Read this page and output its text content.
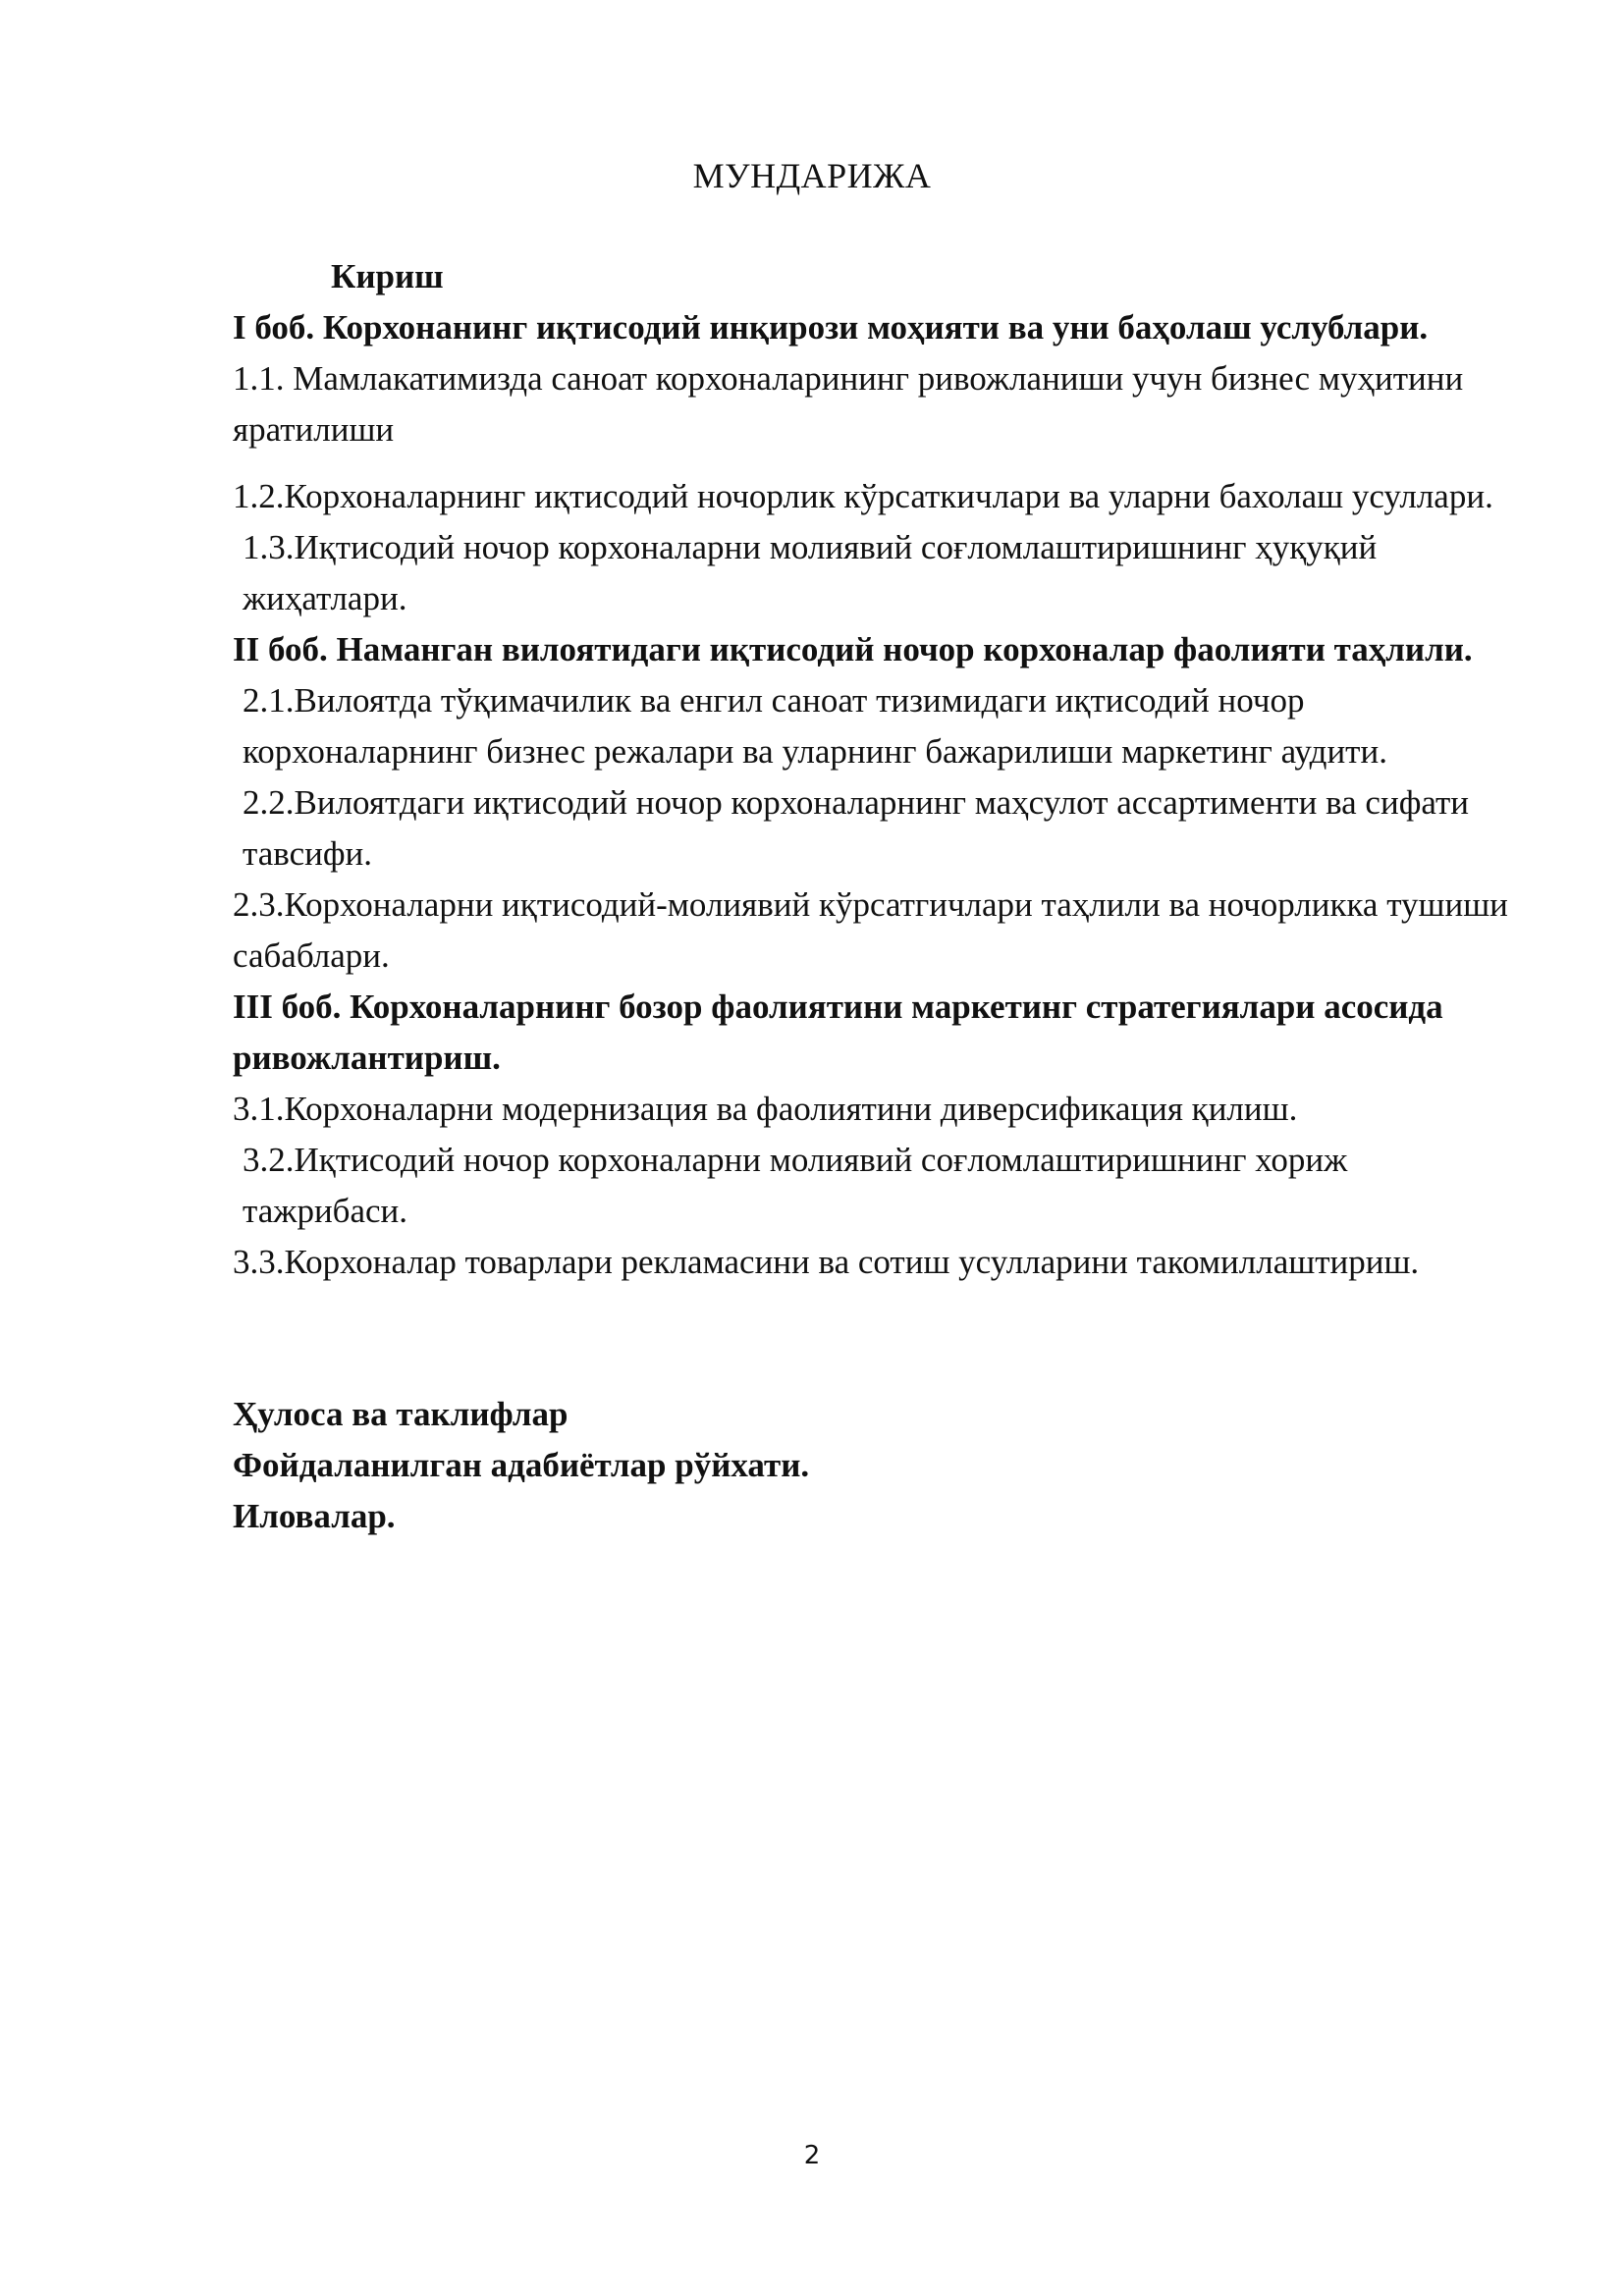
МУНДАРИЖА

Кириш

I боб. Корхонанинг иқтисодий инқирози моҳияти ва уни баҳолаш услублари.

1.1. Мамлакатимизда саноат корхоналарининг ривожланиши учун бизнес муҳитини яратилиши

1.2.Корхоналарнинг иқтисодий ночорлик кўрсаткичлари ва уларни бахолаш усуллари.

1.3.Иқтисодий ночор корхоналарни молиявий соғломлаштиришнинг ҳуқуқий жиҳатлари.

II боб. Наманган вилоятидаги иқтисодий ночор корхоналар фаолияти таҳлили.

2.1.Вилоятда тўқимачилик ва енгил саноат тизимидаги иқтисодий ночор корхоналарнинг бизнес режалари ва уларнинг бажарилиши маркетинг аудити.

2.2.Вилоятдаги иқтисодий ночор корхоналарнинг маҳсулот ассартименти ва сифати тавсифи.

2.3.Корхоналарни иқтисодий-молиявий кўрсатгичлари таҳлили ва ночорликка тушиши сабаблари.

III боб. Корхоналарнинг бозор фаолиятини маркетинг стратегиялари асосида ривожлантириш.

3.1.Корхоналарни модернизация ва фаолиятини диверсификация қилиш.

3.2.Иқтисодий ночор корхоналарни молиявий соғломлаштиришнинг хориж тажрибаси.

3.3.Корхоналар товарлари рекламасини ва сотиш усулларини такомиллаштириш.

Ҳулоса ва таклифлар

Фойдаланилган адабиётлар рўйхати.

Иловалар.

2
